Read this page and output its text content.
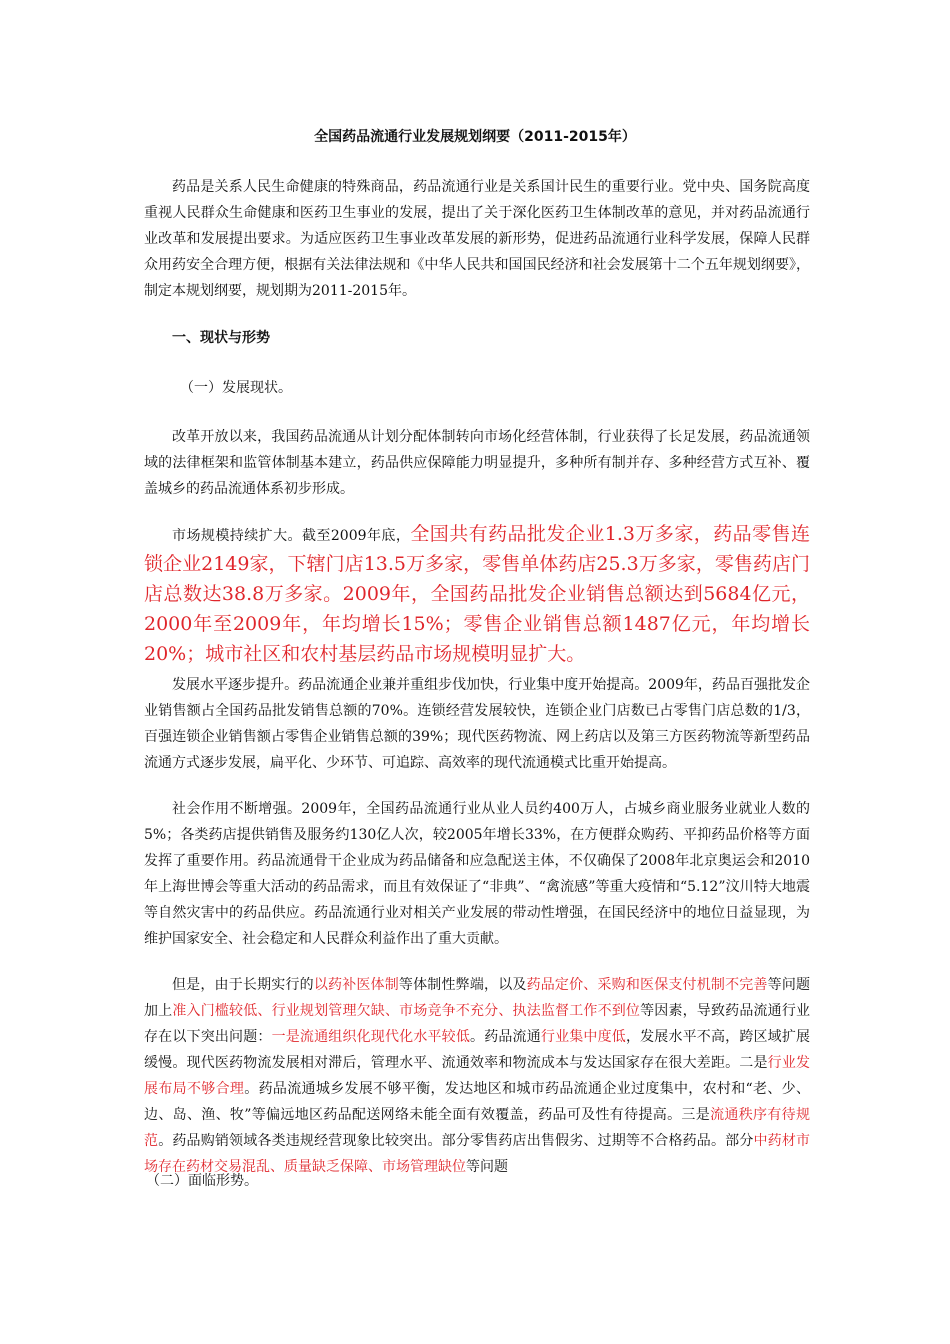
全国药品流通行业发展规划纲要（2011-2015年）
药品是关系人民生命健康的特殊商品，药品流通行业是关系国计民生的重要行业。党中央、国务院高度重视人民群众生命健康和医药卫生事业的发展，提出了关于深化医药卫生体制改革的意见，并对药品流通行业改革和发展提出要求。为适应医药卫生事业改革发展的新形势，促进药品流通行业科学发展，保障人民群众用药安全合理方便，根据有关法律法规和《中华人民共和国国民经济和社会发展第十二个五年规划纲要》，制定本规划纲要，规划期为2011-2015年。
一、现状与形势
（一）发展现状。
改革开放以来，我国药品流通从计划分配体制转向市场化经营体制，行业获得了长足发展，药品流通领域的法律框架和监管体制基本建立，药品供应保障能力明显提升，多种所有制并存、多种经营方式互补、覆盖城乡的药品流通体系初步形成。
市场规模持续扩大。截至2009年底，全国共有药品批发企业1.3万多家，药品零售连锁企业2149家，下辖门店13.5万多家，零售单体药店25.3万多家，零售药店门店总数达38.8万多家。2009年，全国药品批发企业销售总额达到5684亿元，2000年至2009年，年均增长15%；零售企业销售总额1487亿元，年均增长20%；城市社区和农村基层药品市场规模明显扩大。
发展水平逐步提升。药品流通企业兼并重组步伐加快，行业集中度开始提高。2009年，药品百强批发企业销售额占全国药品批发销售总额的70%。连锁经营发展较快，连锁企业门店数已占零售门店总数的1/3，百强连锁企业销售额占零售企业销售总额的39%；现代医药物流、网上药店以及第三方医药物流等新型药品流通方式逐步发展，扁平化、少环节、可追踪、高效率的现代流通模式比重开始提高。
社会作用不断增强。2009年，全国药品流通行业从业人员约400万人，占城乡商业服务业就业人数的5%；各类药店提供销售及服务约130亿人次，较2005年增长33%，在方便群众购药、平抑药品价格等方面发挥了重要作用。药品流通骨干企业成为药品储备和应急配送主体，不仅确保了2008年北京奥运会和2010年上海世博会等重大活动的药品需求，而且有效保证了“非典”、“禽流感”等重大疫情和“5.12”汶川特大地震等自然灾害中的药品供应。药品流通行业对相关产业发展的带动性增强，在国民经济中的地位日益显现，为维护国家安全、社会稳定和人民群众利益作出了重大贡献。
但是，由于长期实行的以药补医体制等体制性弊端，以及药品定价、采购和医保支付机制不完善等问题加上准入门槛较低、行业规划管理欠缺、市场竞争不充分、执法监督工作不到位等因素，导致药品流通行业存在以下突出问题：一是流通组织化现代化水平较低。药品流通行业集中度低，发展水平不高，跨区域扩展缓慢。现代医药物流发展相对滞后，管理水平、流通效率和物流成本与发达国家存在很大差距。二是行业发展布局不够合理。药品流通城乡发展不够平衡，发达地区和城市药品流通企业过度集中，农村和“老、少、边、岛、渔、牧”等偏远地区药品配送网络未能全面有效覆盖，药品可及性有待提高。三是流通秩序有待规范。药品购销领域各类违规经营现象比较突出。部分零售药店出售假劣、过期等不合格药品。部分中药材市场存在药材交易混乱、质量缺乏保障、市场管理缺位等问题
（二）面临形势。
